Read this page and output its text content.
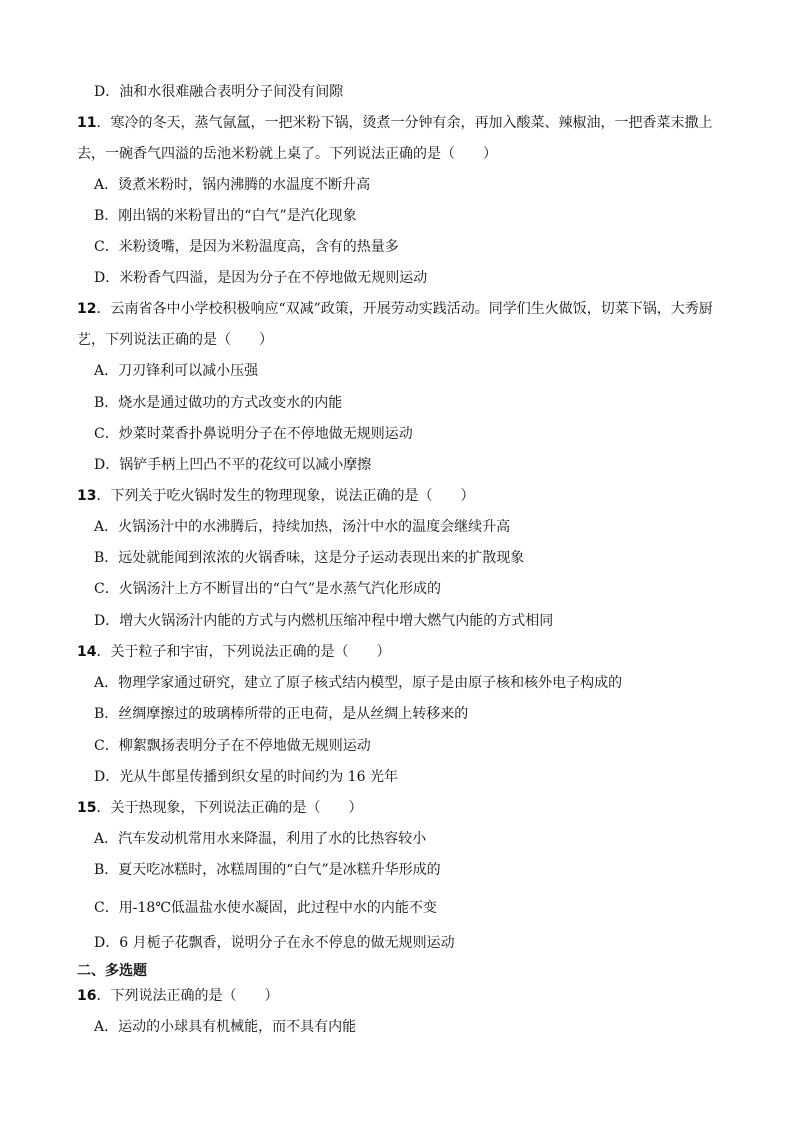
D．油和水很难融合表明分子间没有间隙
11．寒冷的冬天，蒸气氤氲，一把米粉下锅，烫煮一分钟有余，再加入酸菜、辣椒油，一把香菜末撒上
去，一碗香气四溢的岳池米粉就上桌了。下列说法正确的是（　　）
A．烫煮米粉时，锅内沸腾的水温度不断升高
B．刚出锅的米粉冒出的“白气”是汽化现象
C．米粉烫嘴，是因为米粉温度高，含有的热量多
D．米粉香气四溢，是因为分子在不停地做无规则运动
12．云南省各中小学校积极响应“双减”政策，开展劳动实践活动。同学们生火做饭，切菜下锅，大秀厨
艺，下列说法正确的是（　　）
A．刀刃锋利可以减小压强
B．烧水是通过做功的方式改变水的内能
C．炒菜时菜香扑鼻说明分子在不停地做无规则运动
D．锅铲手柄上凹凸不平的花纹可以减小摩擦
13．下列关于吃火锅时发生的物理现象，说法正确的是（　　）
A．火锅汤汁中的水沸腾后，持续加热，汤汁中水的温度会继续升高
B．远处就能闻到浓浓的火锅香味，这是分子运动表现出来的扩散现象
C．火锅汤汁上方不断冒出的“白气”是水蒸气汽化形成的
D．增大火锅汤汁内能的方式与内燃机压缩冲程中增大燃气内能的方式相同
14．关于粒子和宇宙，下列说法正确的是（　　）
A．物理学家通过研究，建立了原子核式结内模型，原子是由原子核和核外电子构成的
B．丝绸摩擦过的玻璃棒所带的正电荷，是从丝绸上转移来的
C．柳絮飘扬表明分子在不停地做无规则运动
D．光从牛郎星传播到织女星的时间约为 16 光年
15．关于热现象，下列说法正确的是（　　）
A．汽车发动机常用水来降温，利用了水的比热容较小
B．夏天吃冰糕时，冰糕周围的“白气”是冰糕升华形成的
C．用-18℃低温盐水使水凝固，此过程中水的内能不变
D．6 月栀子花飘香，说明分子在永不停息的做无规则运动
二、多选题
16．下列说法正确的是（　　）
A．运动的小球具有机械能，而不具有内能
